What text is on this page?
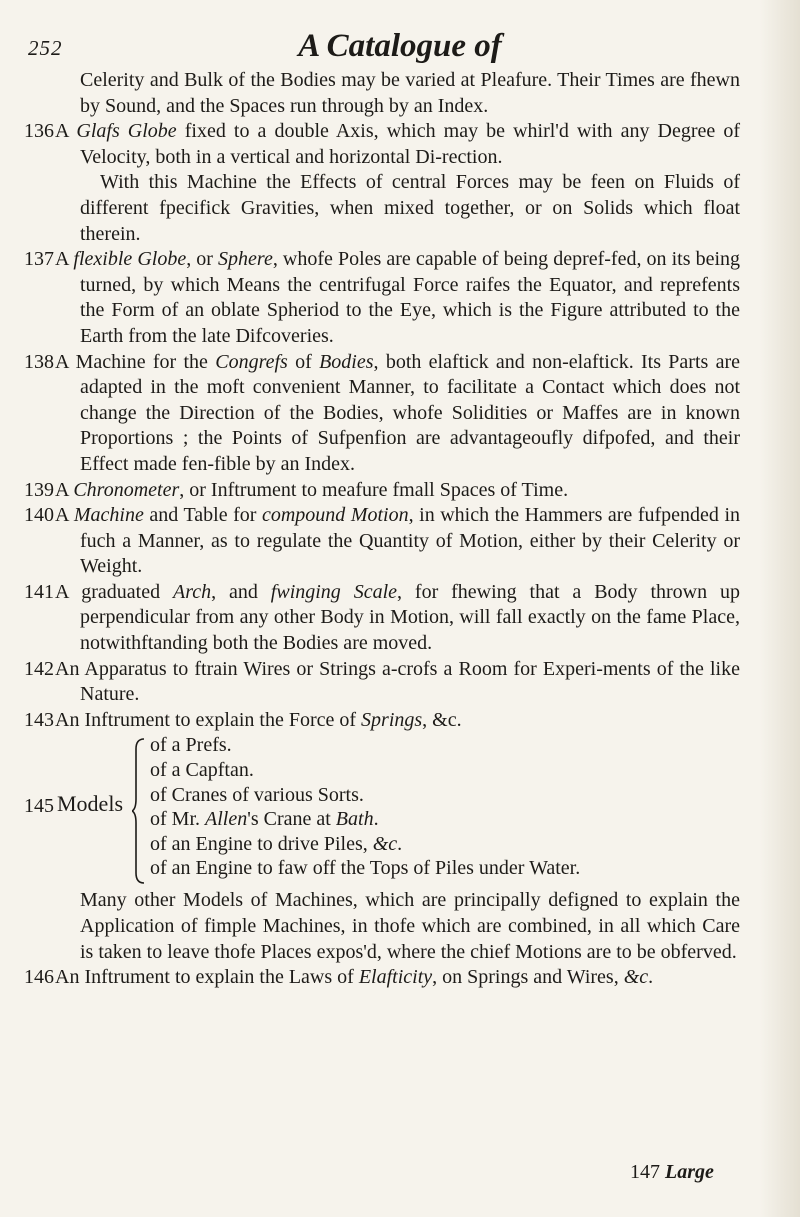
252	A Catalogue of
Celerity and Bulk of the Bodies may be varied at Pleafure. Their Times are fhewn by Sound, and the Spaces run through by an Index.
136 A Glafs Globe fixed to a double Axis, which may be whirl'd with any Degree of Velocity, both in a vertical and horizontal Di-rection.
With this Machine the Effects of central Forces may be feen on Fluids of different fpecifick Gravities, when mixed together, or on Solids which float therein.
137 A flexible Globe, or Sphere, whofe Poles are capable of being depref-fed, on its being turned, by which Means the centrifugal Force raifes the Equator, and reprefents the Form of an oblate Spheriod to the Eye, which is the Figure attributed to the Earth from the late Difcoveries.
138 A Machine for the Congrefs of Bodies, both elaftick and non-elaftick. Its Parts are adapted in the moft convenient Manner, to facilitate a Contact which does not change the Direction of the Bodies, whofe Solidities or Maffes are in known Proportions ; the Points of Sufpenfion are advantageoufly difpofed, and their Effect made fen-fible by an Index.
139 A Chronometer, or Inftrument to meafure fmall Spaces of Time.
140 A Machine and Table for compound Motion, in which the Hammers are fufpended in fuch a Manner, as to regulate the Quantity of Motion, either by their Celerity or Weight.
141 A graduated Arch, and fwinging Scale, for fhewing that a Body thrown up perpendicular from any other Body in Motion, will fall exactly on the fame Place, notwithftanding both the Bodies are moved.
142 An Apparatus to ftrain Wires or Strings a-crofs a Room for Experi-ments of the like Nature.
143 An Inftrument to explain the Force of Springs, &c.
145 Models
of a Prefs.
of a Capftan.
of Cranes of various Sorts.
of Mr. Allen's Crane at Bath.
of an Engine to drive Piles, &c.
of an Engine to faw off the Tops of Piles under Water.
Many other Models of Machines, which are principally defigned to explain the Application of fimple Machines, in thofe which are combined, in all which Care is taken to leave thofe Places expos'd, where the chief Motions are to be obferved.
146 An Inftrument to explain the Laws of Elafticity, on Springs and Wires, &c.
147 Large
